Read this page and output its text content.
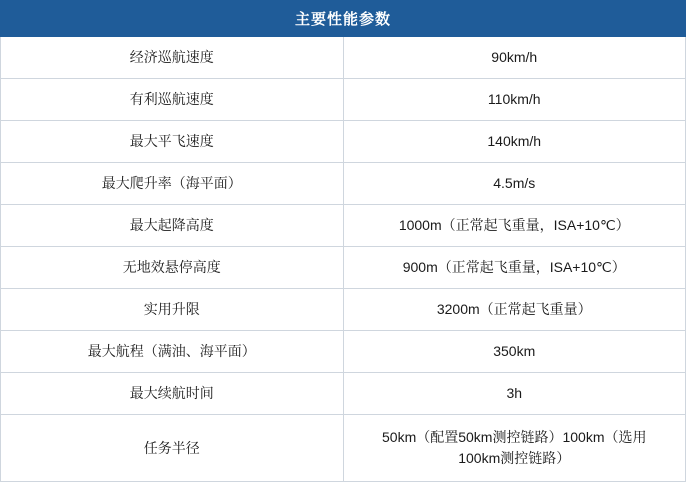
主要性能参数	
经济巡航速度	90km/h
有利巡航速度	110km/h
最大平飞速度	140km/h
最大爬升率（海平面）	4.5m/s
最大起降高度	1000m（正常起飞重量，ISA+10℃）
无地效悬停高度	900m（正常起飞重量，ISA+10℃）
实用升限	3200m（正常起飞重量）
最大航程（满油、海平面）	350km
最大续航时间	3h
任务半径	50km（配置50km测控链路）100km（选用100km测控链路）
